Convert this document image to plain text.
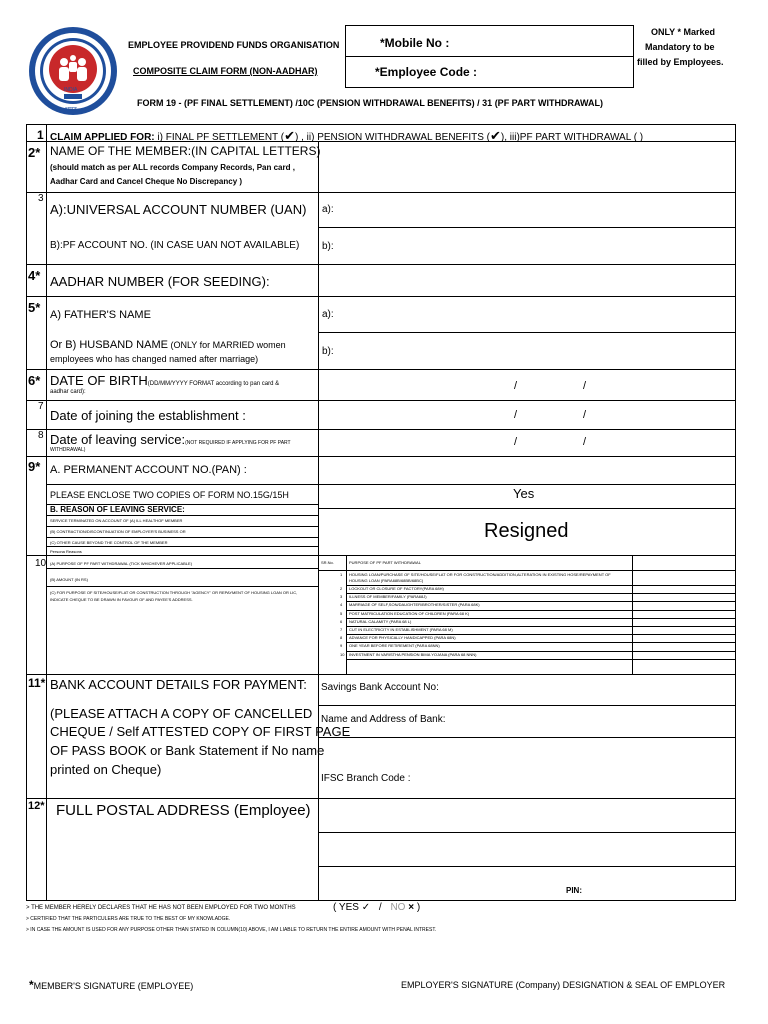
INDIA
भारत
EMPLOYEE PROVIDEND FUNDS ORGANISATION
COMPOSITE CLAIM FORM (NON-AADHAR)
*Mobile No :
*Employee Code :
ONLY * Marked
Mandatory to be
filled by Employees.
FORM 19 - (PF FINAL SETTLEMENT) /10C (PENSION WITHDRAWAL BENEFITS) / 31 (PF PART WITHDRAWAL)
1 CLAIM APPLIED FOR: i) FINAL PF SETTLEMENT (✔) , ii) PENSION WITHDRAWAL BENEFITS (✔), iii)PF PART WITHDRAWAL ( )
2* NAME OF THE MEMBER:(IN CAPITAL LETTERS)
(should match as per ALL records Company Records, Pan card ,
Aadhar Card and Cancel Cheque No Discrepancy )
3
A):UNIVERSAL ACCOUNT NUMBER (UAN)
B):PF ACCOUNT NO. (IN CASE UAN NOT AVAILABLE)
a):
b):
4* AADHAR NUMBER (FOR SEEDING):
5* A) FATHER'S NAME
Or B) HUSBAND NAME (ONLY for MARRIED women
employees who has changed named after marriage)
a):
b):
6* DATE OF BIRTH(DD/MM/YYYY FORMAT according to pan card &
aadhar card):	/	/
7
Date of joining the establishment :	/	/
8 Date of leaving service:(NOT REQUIRED IF APPLYING FOR PF PART
WITHDRAWAL)
/	/
9* A. PERMANENT ACCOUNT NO.(PAN) :
PLEASE ENCLOSE TWO COPIES OF FORM NO.15G/15H	Yes
B. REASON OF LEAVING SERVICE:
SERVICE TERMINATED ON ACCOUNT OF (A) ILL HEALTHOF MEMBER
(B) CONTRACTION/DISCONTINUATION OF EMPLOYER'S BUSINESS OR
(C) OTHER CAUSE BEYOND THE CONTROL OF THE MEMBER
Persona Reasons
Resigned
10 (A) PURPOSE OF PF PART WITHDRAWAL (TICK WHICHEVER APPLICABLE)
(B) AMOUNT (IN RS)
(C) FOR PURPOSE OF SITE/HOUSE/FLAT OR CONSTRUCTION THROUGH "AGENCY" OR REPAYMENT OF HOUSING LOAN OR LIC,
INDICATE CHEQUE TO BE DRAWN IN FAVOUR OF AND PAYEE'S ADDRESS.
SR.No.	PURPOSE OF PF PART WITHDRAWAL
1 HOUSING LOAN/PURCHASE OF SITE/HOUSE/FLAT OR FOR CONSTRUCTION/ADDITION,ALTERATION IN EXISTING HOSE/REPAYMENT OF
HOUSING LOAN (PARA68B/68BB/68BC)
2 LOCKOUT OR CLOSURE OF FACTORY(PARA 68H)
3 ILLNESS OF MEMBER/FAMILY (PARA68J)
4 MARRIAGE OF SELF,SON/DAUGHTER/BROTHER/SISTER (PARA 68K)
5 POST MATRICULATION EDUCATION OF CHILDREN (PARA 68 K)
6 NATURAL CALAMITY (PARA 68 L)
7 CUT IN ELECTRICITY IN ESTABLISHMENT (PARA 68 M)
8 ADVANCE FOR PHYSICALLY HANDICAPPED (PARA 68N)
9 ONE YEAR BEFORE RETIREMENT (PARA 68NN)
10 INVESTMENT IN VARISTHA PENSION BIMA YOJANA (PARA 68 NNN)
11* BANK ACCOUNT DETAILS FOR PAYMENT:
(PLEASE ATTACH A COPY OF CANCELLED
CHEQUE / Self ATTESTED COPY OF FIRST PAGE
OF PASS BOOK or Bank Statement if No name
printed on Cheque)
Savings Bank Account No:
Name and Address of Bank:
IFSC Branch Code :
12* FULL POSTAL ADDRESS (Employee)
PIN:
> THE MEMBER HERELY DECLARES THAT HE HAS NOT BEEN EMPLOYED FOR TWO MONTHS	( YES ✓ / NO × )
> CERTIFIED THAT THE PARTICULERS ARE TRUE TO THE BEST OF MY KNOWLADGE.
> IN CASE THE AMOUNT IS USED FOR ANY PURPOSE OTHER THAN STATED IN COLUMN(10) ABOVE, I AM LIABLE TO RETURN THE ENTIRE AMOUNT WITH PENAL INTREST.
*MEMBER'S SIGNATURE (EMPLOYEE)	EMPLOYER'S SIGNATURE (Company) DESIGNATION & SEAL OF EMPLOYER
